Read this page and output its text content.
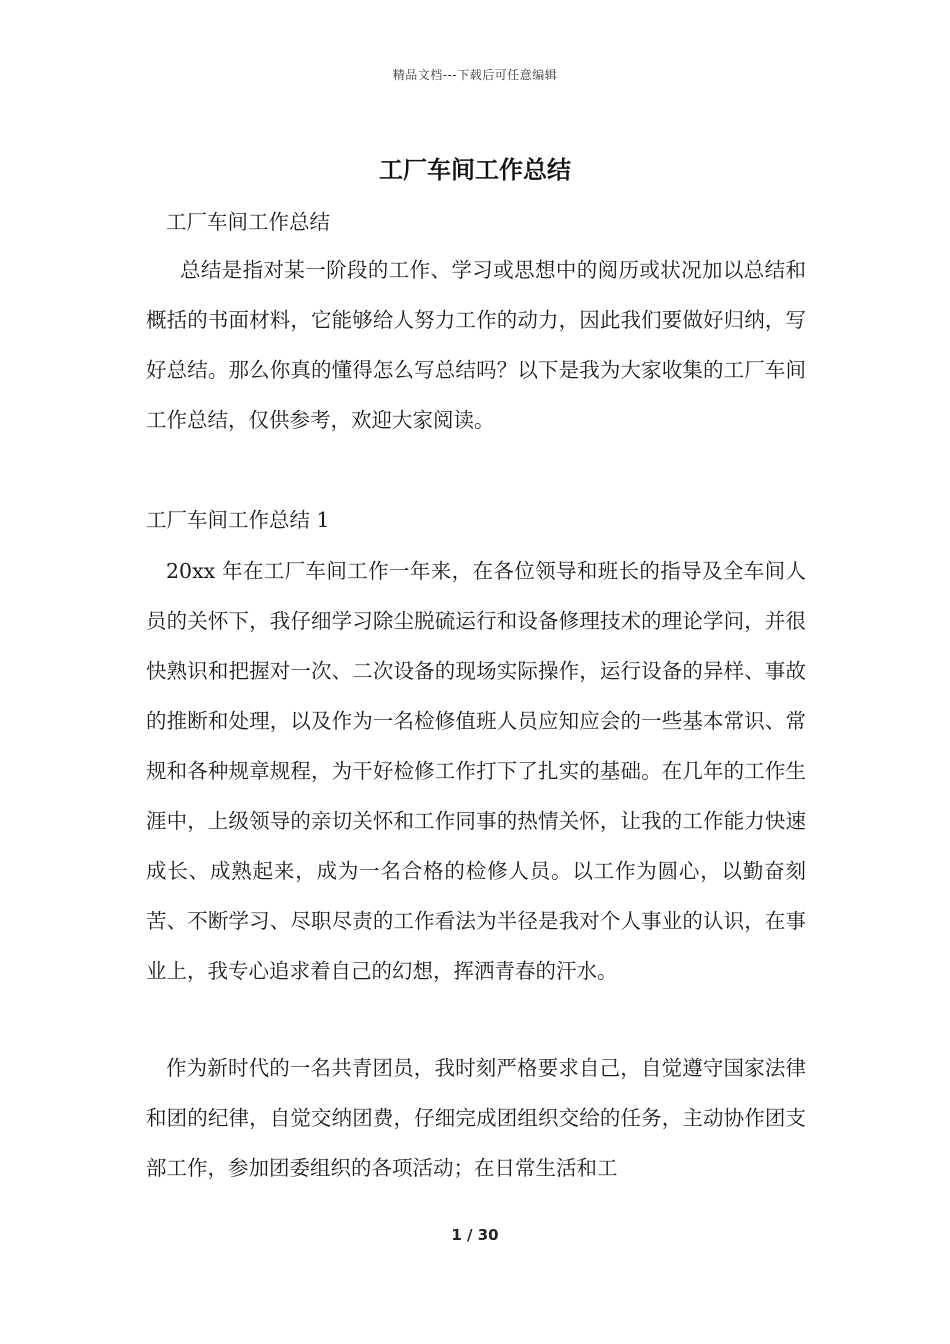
精品文档---下载后可任意编辑
工厂车间工作总结
工厂车间工作总结
总结是指对某一阶段的工作、学习或思想中的阅历或状况加以总结和概括的书面材料，它能够给人努力工作的动力，因此我们要做好归纳，写好总结。那么你真的懂得怎么写总结吗？以下是我为大家收集的工厂车间工作总结，仅供参考，欢迎大家阅读。
工厂车间工作总结 1
20xx 年在工厂车间工作一年来，在各位领导和班长的指导及全车间人员的关怀下，我仔细学习除尘脱硫运行和设备修理技术的理论学问，并很快熟识和把握对一次、二次设备的现场实际操作，运行设备的异样、事故的推断和处理，以及作为一名检修值班人员应知应会的一些基本常识、常规和各种规章规程，为干好检修工作打下了扎实的基础。在几年的工作生涯中，上级领导的亲切关怀和工作同事的热情关怀，让我的工作能力快速成长、成熟起来，成为一名合格的检修人员。以工作为圆心，以勤奋刻苦、不断学习、尽职尽责的工作看法为半径是我对个人事业的认识，在事业上，我专心追求着自己的幻想，挥洒青春的汗水。
作为新时代的一名共青团员，我时刻严格要求自己，自觉遵守国家法律和团的纪律，自觉交纳团费，仔细完成团组织交给的任务，主动协作团支部工作，参加团委组织的各项活动；在日常生活和工
1 / 30
